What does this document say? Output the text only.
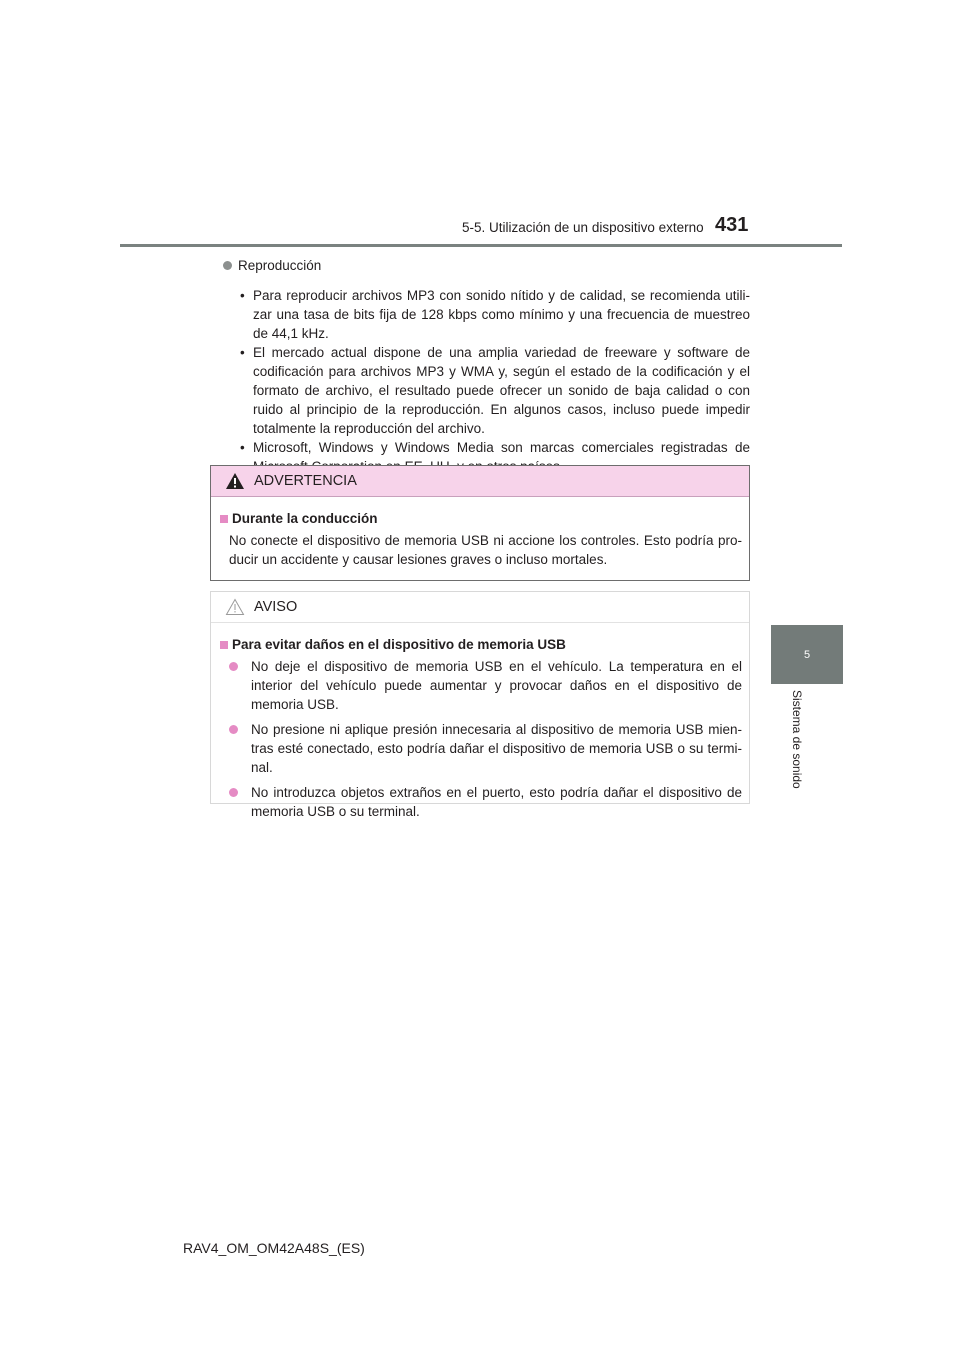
5-5. Utilización de un dispositivo externo 431
5
Sistema de sonido
Reproducción
• Para reproducir archivos MP3 con sonido nítido y de calidad, se recomienda utili-zar una tasa de bits fija de 128 kbps como mínimo y una frecuencia de muestreo de 44,1 kHz.
• El mercado actual dispone de una amplia variedad de freeware y software de codificación para archivos MP3 y WMA y, según el estado de la codificación y el formato de archivo, el resultado puede ofrecer un sonido de baja calidad o con ruido al principio de la reproducción. En algunos casos, incluso puede impedir totalmente la reproducción del archivo.
• Microsoft, Windows y Windows Media son marcas comerciales registradas de
ADVERTENCIA
Durante la conducción
No conecte el dispositivo de memoria USB ni accione los controles. Esto podría pro-ducir un accidente y causar lesiones graves o incluso mortales.
AVISO
Para evitar daños en el dispositivo de memoria USB
No deje el dispositivo de memoria USB en el vehículo. La temperatura en el interior del vehículo puede aumentar y provocar daños en el dispositivo de memoria USB.
No presione ni aplique presión innecesaria al dispositivo de memoria USB mien-tras esté conectado, esto podría dañar el dispositivo de memoria USB o su termi-nal.
No introduzca objetos extraños en el puerto, esto podría dañar el dispositivo de memoria USB o su terminal.
RAV4_OM_OM42A48S_(ES)
